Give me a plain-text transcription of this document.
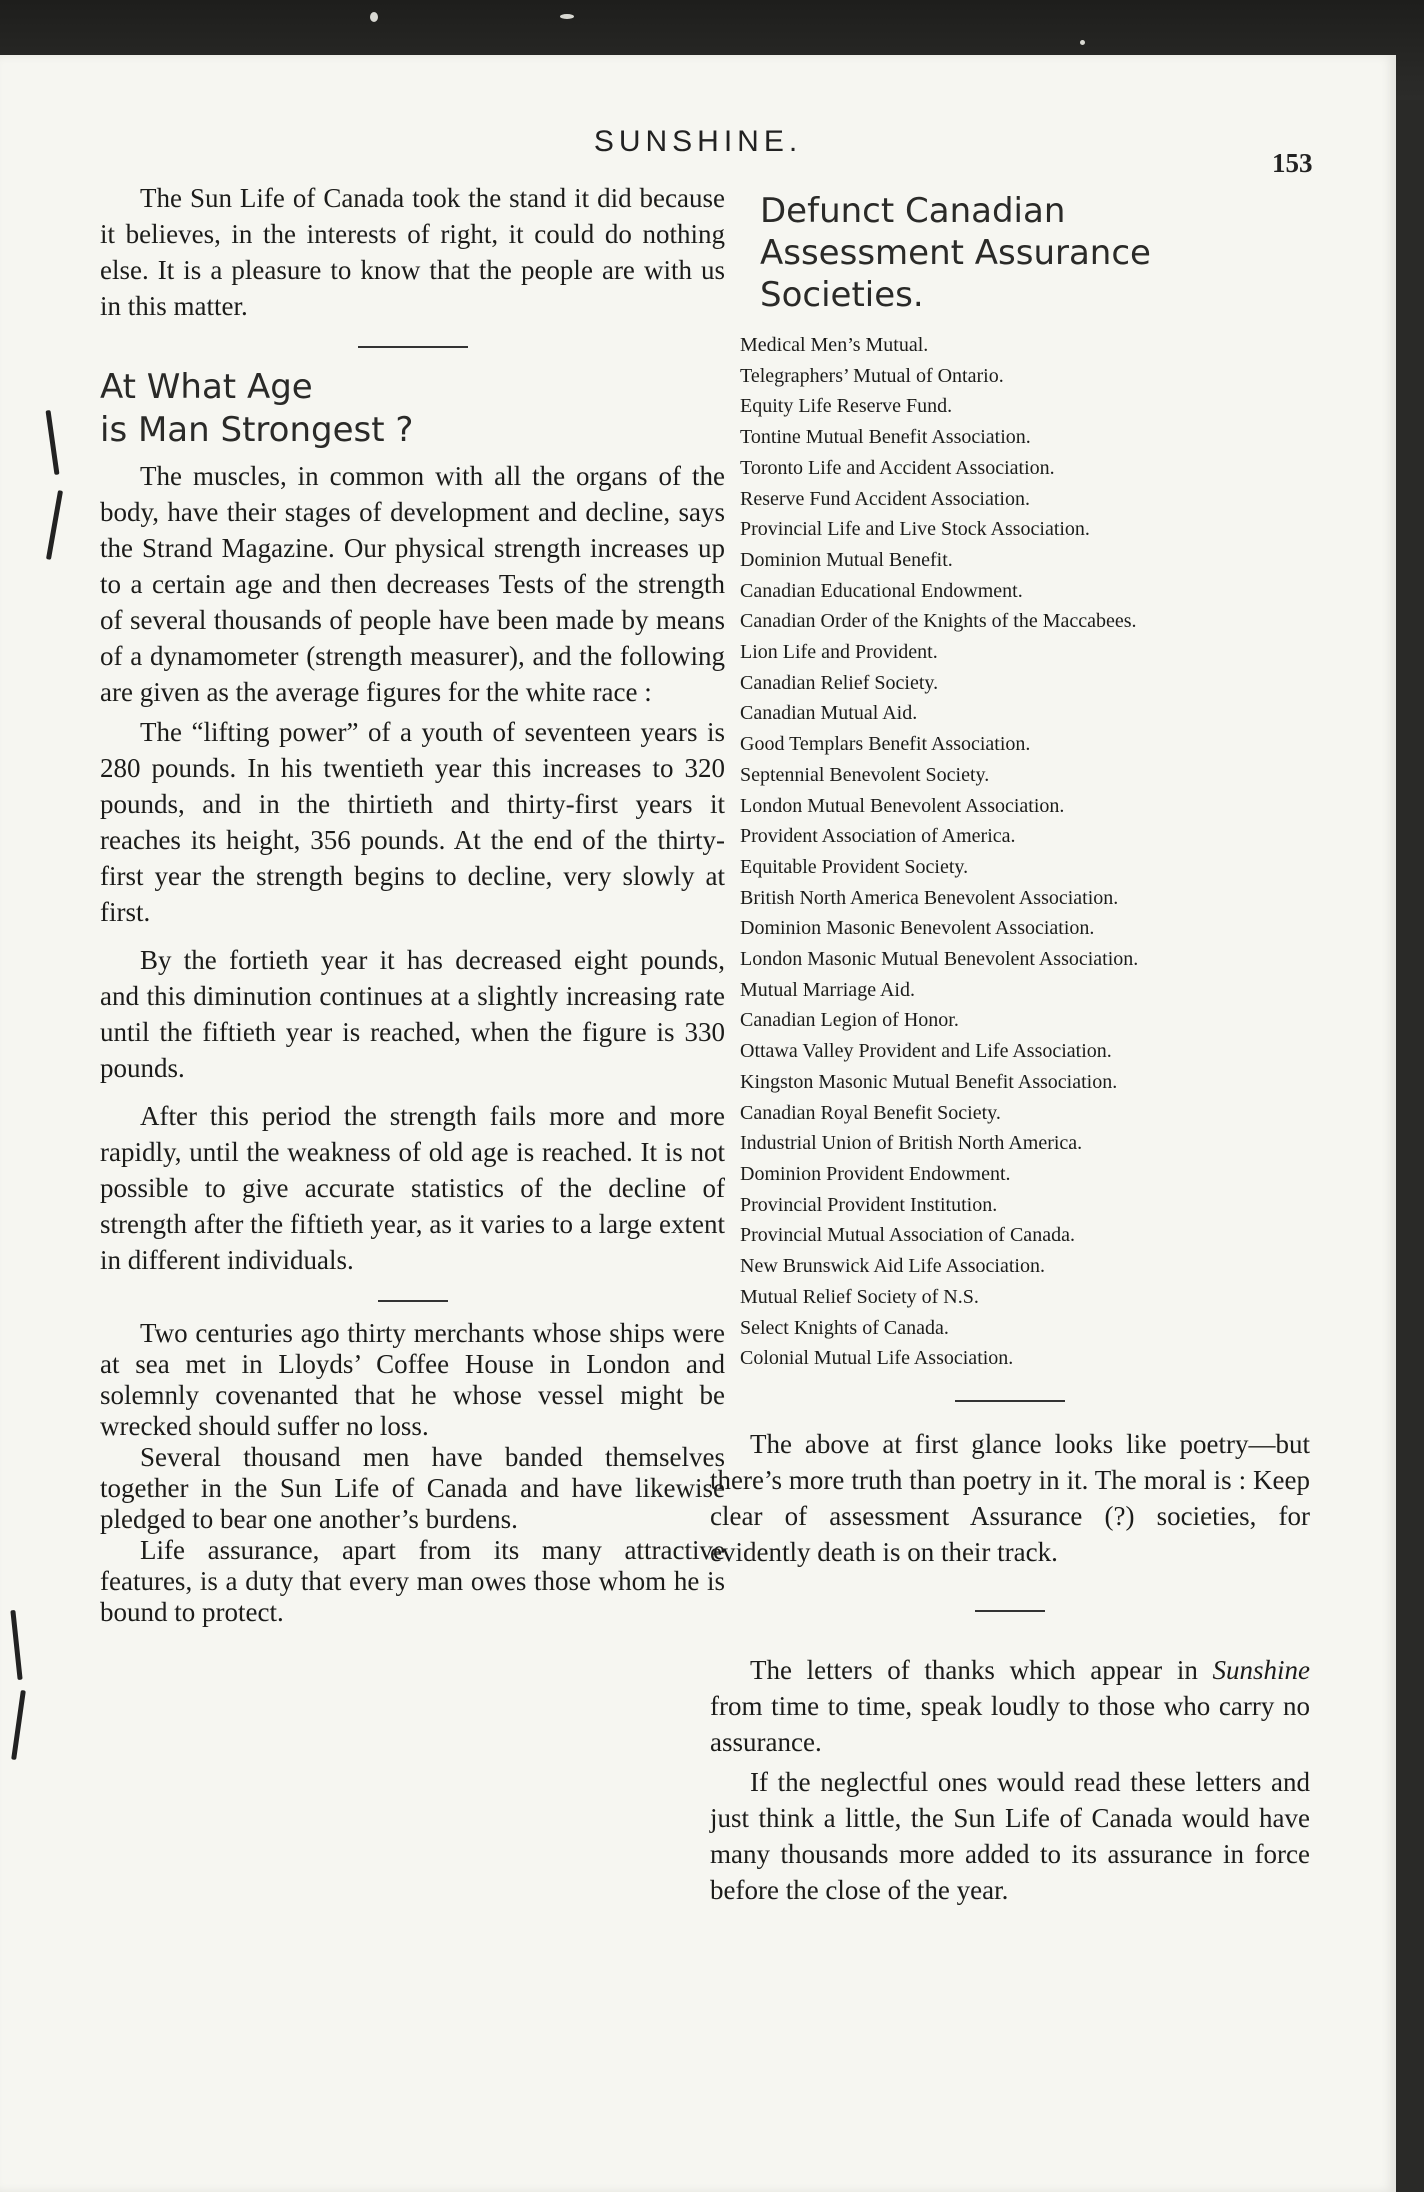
SUNSHINE.
153

The Sun Life of Canada took the stand it did because it believes, in the interests of right, it could do nothing else. It is a pleasure to know that the people are with us in this matter.

At What Age
is Man Strongest ?

The muscles, in common with all the organs of the body, have their stages of development and decline, says the Strand Magazine. Our physical strength increases up to a certain age and then decreases Tests of the strength of several thousands of people have been made by means of a dynamometer (strength measurer), and the following are given as the average figures for the white race :

The “lifting power” of a youth of seventeen years is 280 pounds. In his twentieth year this increases to 320 pounds, and in the thirtieth and thirty-first years it reaches its height, 356 pounds. At the end of the thirty-first year the strength begins to decline, very slowly at first.

By the fortieth year it has decreased eight pounds, and this diminution continues at a slightly increasing rate until the fiftieth year is reached, when the figure is 330 pounds.

After this period the strength fails more and more rapidly, until the weakness of old age is reached. It is not possible to give accurate statistics of the decline of strength after the fiftieth year, as it varies to a large extent in different individuals.

Two centuries ago thirty merchants whose ships were at sea met in Lloyds’ Coffee House in London and solemnly covenanted that he whose vessel might be wrecked should suffer no loss.

Several thousand men have banded themselves together in the Sun Life of Canada and have likewise pledged to bear one another’s burdens.

Life assurance, apart from its many attractive features, is a duty that every man owes those whom he is bound to protect.

Defunct Canadian
Assessment Assurance
Societies.
Medical Men’s Mutual.
Telegraphers’ Mutual of Ontario.
Equity Life Reserve Fund.
Tontine Mutual Benefit Association.
Toronto Life and Accident Association.
Reserve Fund Accident Association.
Provincial Life and Live Stock Association.
Dominion Mutual Benefit.
Canadian Educational Endowment.
Canadian Order of the Knights of the Maccabees.
Lion Life and Provident.
Canadian Relief Society.
Canadian Mutual Aid.
Good Templars Benefit Association.
Septennial Benevolent Society.
London Mutual Benevolent Association.
Provident Association of America.
Equitable Provident Society.
British North America Benevolent Association.
Dominion Masonic Benevolent Association.
London Masonic Mutual Benevolent Association.
Mutual Marriage Aid.
Canadian Legion of Honor.
Ottawa Valley Provident and Life Association.
Kingston Masonic Mutual Benefit Association.
Canadian Royal Benefit Society.
Industrial Union of British North America.
Dominion Provident Endowment.
Provincial Provident Institution.
Provincial Mutual Association of Canada.
New Brunswick Aid Life Association.
Mutual Relief Society of N.S.
Select Knights of Canada.
Colonial Mutual Life Association.

The above at first glance looks like poetry—but there’s more truth than poetry in it. The moral is : Keep clear of assessment Assurance (?) societies, for evidently death is on their track.

The letters of thanks which appear in Sunshine from time to time, speak loudly to those who carry no assurance.

If the neglectful ones would read these letters and just think a little, the Sun Life of Canada would have many thousands more added to its assurance in force before the close of the year.
